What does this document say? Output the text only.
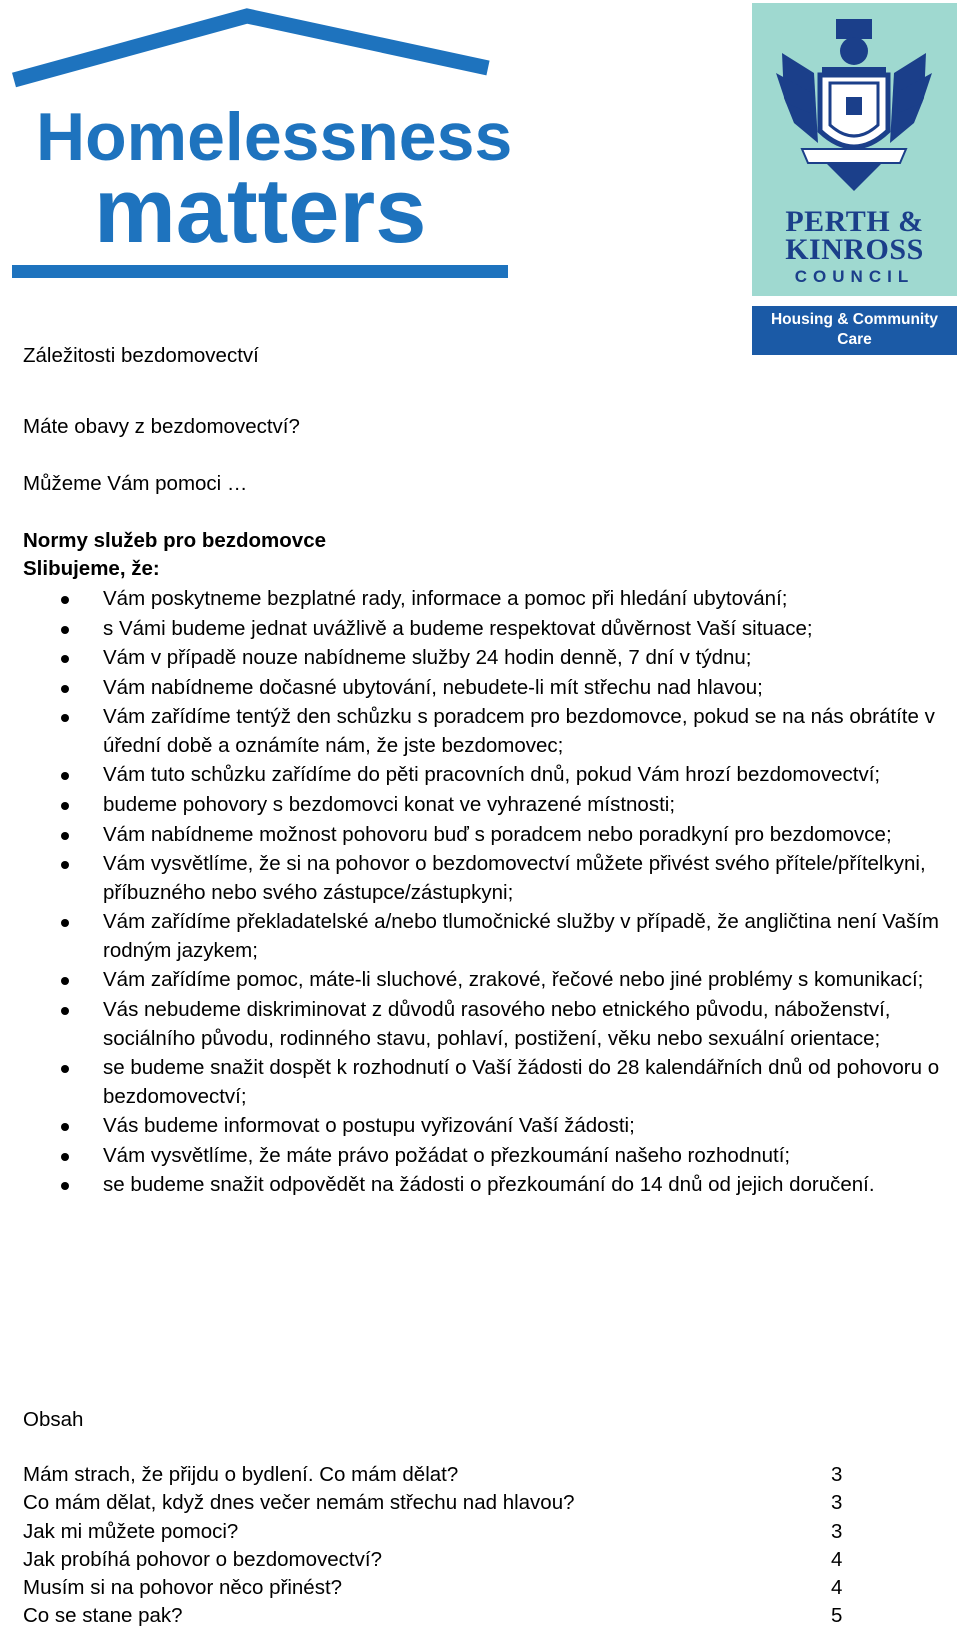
Homelessness
matters	PERTH &
KINROSS
COUNCIL
Housing & Community Care
Záležitosti bezdomovectví
Máte obavy z bezdomovectví?
Můžeme Vám pomoci …
Normy služeb pro bezdomovce
Slibujeme, že:
Vám poskytneme bezplatné rady, informace a pomoc při hledání ubytování;
s Vámi budeme jednat uvážlivě a budeme respektovat důvěrnost Vaší situace;
Vám v případě nouze nabídneme služby 24 hodin denně, 7 dní v týdnu;
Vám nabídneme dočasné ubytování, nebudete-li mít střechu nad hlavou;
Vám zařídíme tentýž den schůzku s poradcem pro bezdomovce, pokud se na nás obrátíte v úřední době a oznámíte nám, že jste bezdomovec;
Vám tuto schůzku zařídíme do pěti pracovních dnů, pokud Vám hrozí bezdomovectví;
budeme pohovory s bezdomovci konat ve vyhrazené místnosti;
Vám nabídneme možnost pohovoru buď s poradcem nebo poradkyní pro bezdomovce;
Vám vysvětlíme, že si na pohovor o bezdomovectví můžete přivést svého přítele/přítelkyni, příbuzného nebo svého zástupce/zástupkyni;
Vám zařídíme překladatelské a/nebo tlumočnické služby v případě, že angličtina není Vaším rodným jazykem;
Vám zařídíme pomoc, máte-li sluchové, zrakové, řečové nebo jiné problémy s komunikací;
Vás nebudeme diskriminovat z důvodů rasového nebo etnického původu, náboženství, sociálního původu, rodinného stavu, pohlaví, postižení, věku nebo sexuální orientace;
se budeme snažit dospět k rozhodnutí o Vaší žádosti do 28 kalendářních dnů od pohovoru o bezdomovectví;
Vás budeme informovat o postupu vyřizování Vaší žádosti;
Vám vysvětlíme, že máte právo požádat o přezkoumání našeho rozhodnutí;
se budeme snažit odpovědět na žádosti o přezkoumání do 14 dnů od jejich doručení.
Obsah
Mám strach, že přijdu o bydlení. Co mám dělat?	3
Co mám dělat, když dnes večer nemám střechu nad hlavou?	3
Jak mi můžete pomoci?	3
Jak probíhá pohovor o bezdomovectví?	4
Musím si na pohovor něco přinést?	4
Co se stane pak?	5
